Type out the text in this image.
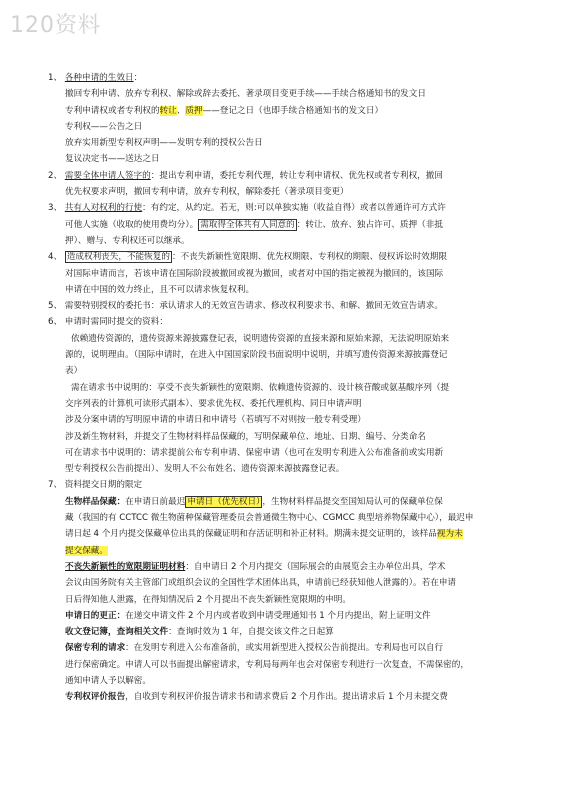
120资料
1、 各种申请的生效日：
撤回专利申请、放弃专利权、解除或辞去委托、著录项目变更手续——手续合格通知书的发文日
专利申请权或者专利权的转让、质押——登记之日（也即手续合格通知书的发文日）
专利权——公告之日
放弃实用新型专利权声明——发明专利的授权公告日
复议决定书——送达之日
2、 需要全体申请人签字的：提出专利申请，委托专利代理，转让专利申请权、优先权或者专利权，撤回
优先权要求声明，撤回专利申请，放弃专利权，解除委托（著录项目变更）
3、 共有人对权利的行使：有约定，从约定。若无，则:可以单独实施（收益自得）或者以普通许可方式许
可他人实施（收取的使用费均分）。 需取得全体共有人同意的 ：转让、放弃、独占许可、质押（非抵
押）、赠与、专利权还可以继承。
4、 造成权利丧失，不能恢复的 ：不丧失新颖性宽限期、优先权期限、专利权的期限、侵权诉讼时效期限
对国际申请而言，若该申请在国际阶段被撤回或视为撤回，或者对中国的指定被视为撤回的，该国际
申请在中国的效力终止，且不可以请求恢复权利。
5、 需要特别授权的委托书：承认请求人的无效宣告请求、修改权利要求书、和解、撤回无效宣告请求。
6、 申请时需同时提交的资料：
依赖遗传资源的，遗传资源来源披露登记表，说明遗传资源的直接来源和原始来源，无法说明原始来
源的，说明理由。（国际申请时，在进入中国国家阶段书面说明中说明，并填写遗传资源来源披露登记
表）
需在请求书中说明的：享受不丧失新颖性的宽限期、依赖遗传资源的、设计核苷酸或氨基酸序列（提
交序列表的计算机可读形式副本）、要求优先权、委托代理机构、同日申请声明
涉及分案申请的写明原申请的申请日和申请号（若填写不对则按一般专利受理）
涉及新生物材料，并提交了生物材料样品保藏的，写明保藏单位、地址、日期、编号、分类命名
可在请求书中说明的：请求提前公布专利申请、保密申请（也可在发明专利进入公布准备前或实用新
型专利授权公告前提出）、发明人不公布姓名、遗传资源来源披露登记表。
7、 资料提交日期的限定
生物样品保藏：在申请日前最迟 申请日（优先权日） ，生物材料样品提交至国知局认可的保藏单位保
藏（我国的有 CCTCC 微生物菌种保藏管理委员会普通微生物中心、CGMCC 典型培养物保藏中心），最迟申
请日起 4 个月内提交保藏单位出具的保藏证明和存活证明和补正材料。期满未提交证明的，该样品视为未
提交保藏。
不丧失新颖性的宽限期证明材料：自申请日 2 个月内提交（国际展会的由展览会主办单位出具，学术
会议由国务院有关主管部门或组织会议的全国性学术团体出具，申请前已经获知他人泄露的）。若在申请
日后得知他人泄露，在得知情况后 2 个月提出不丧失新颖性宽限期的申明。
申请日的更正：在递交申请文件 2 个月内或者收到申请受理通知书 1 个月内提出，附上证明文件
收文登记簿，查询相关文件：查询时效为 1 年，自提交该文件之日起算
保密专利的请求：在发明专利进入公布准备前，或实用新型进入授权公告前提出。专利局也可以自行
进行保密确定。申请人可以书面提出解密请求，专利局每两年也会对保密专利进行一次复查，不需保密的，
通知申请人予以解密。
专利权评价报告，自收到专利权评价报告请求书和请求费后 2 个月作出。提出请求后 1 个月未提交费
